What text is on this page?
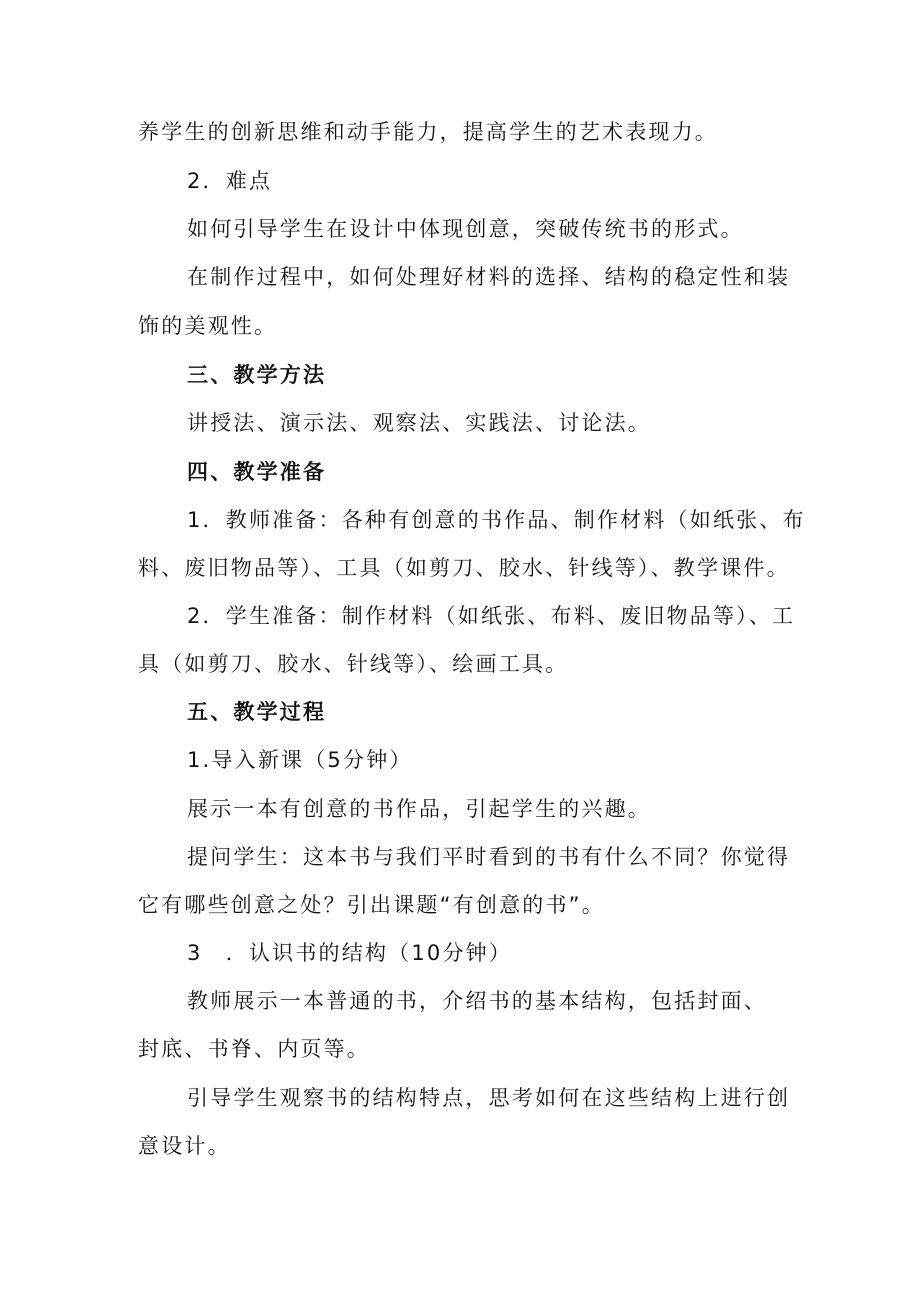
养学生的创新思维和动手能力，提高学生的艺术表现力。
2．难点
如何引导学生在设计中体现创意，突破传统书的形式。
在制作过程中，如何处理好材料的选择、结构的稳定性和装
饰的美观性。
三、教学方法
讲授法、演示法、观察法、实践法、讨论法。
四、教学准备
1．教师准备：各种有创意的书作品、制作材料（如纸张、布
料、废旧物品等）、工具（如剪刀、胶水、针线等）、教学课件。
2．学生准备：制作材料（如纸张、布料、废旧物品等）、工
具（如剪刀、胶水、针线等）、绘画工具。
五、教学过程
1.导入新课（5分钟）
展示一本有创意的书作品，引起学生的兴趣。
提问学生：这本书与我们平时看到的书有什么不同？你觉得
它有哪些创意之处？引出课题“有创意的书”。
3　．认识书的结构（10分钟）
教师展示一本普通的书，介绍书的基本结构，包括封面、
封底、书脊、内页等。
引导学生观察书的结构特点，思考如何在这些结构上进行创
意设计。
